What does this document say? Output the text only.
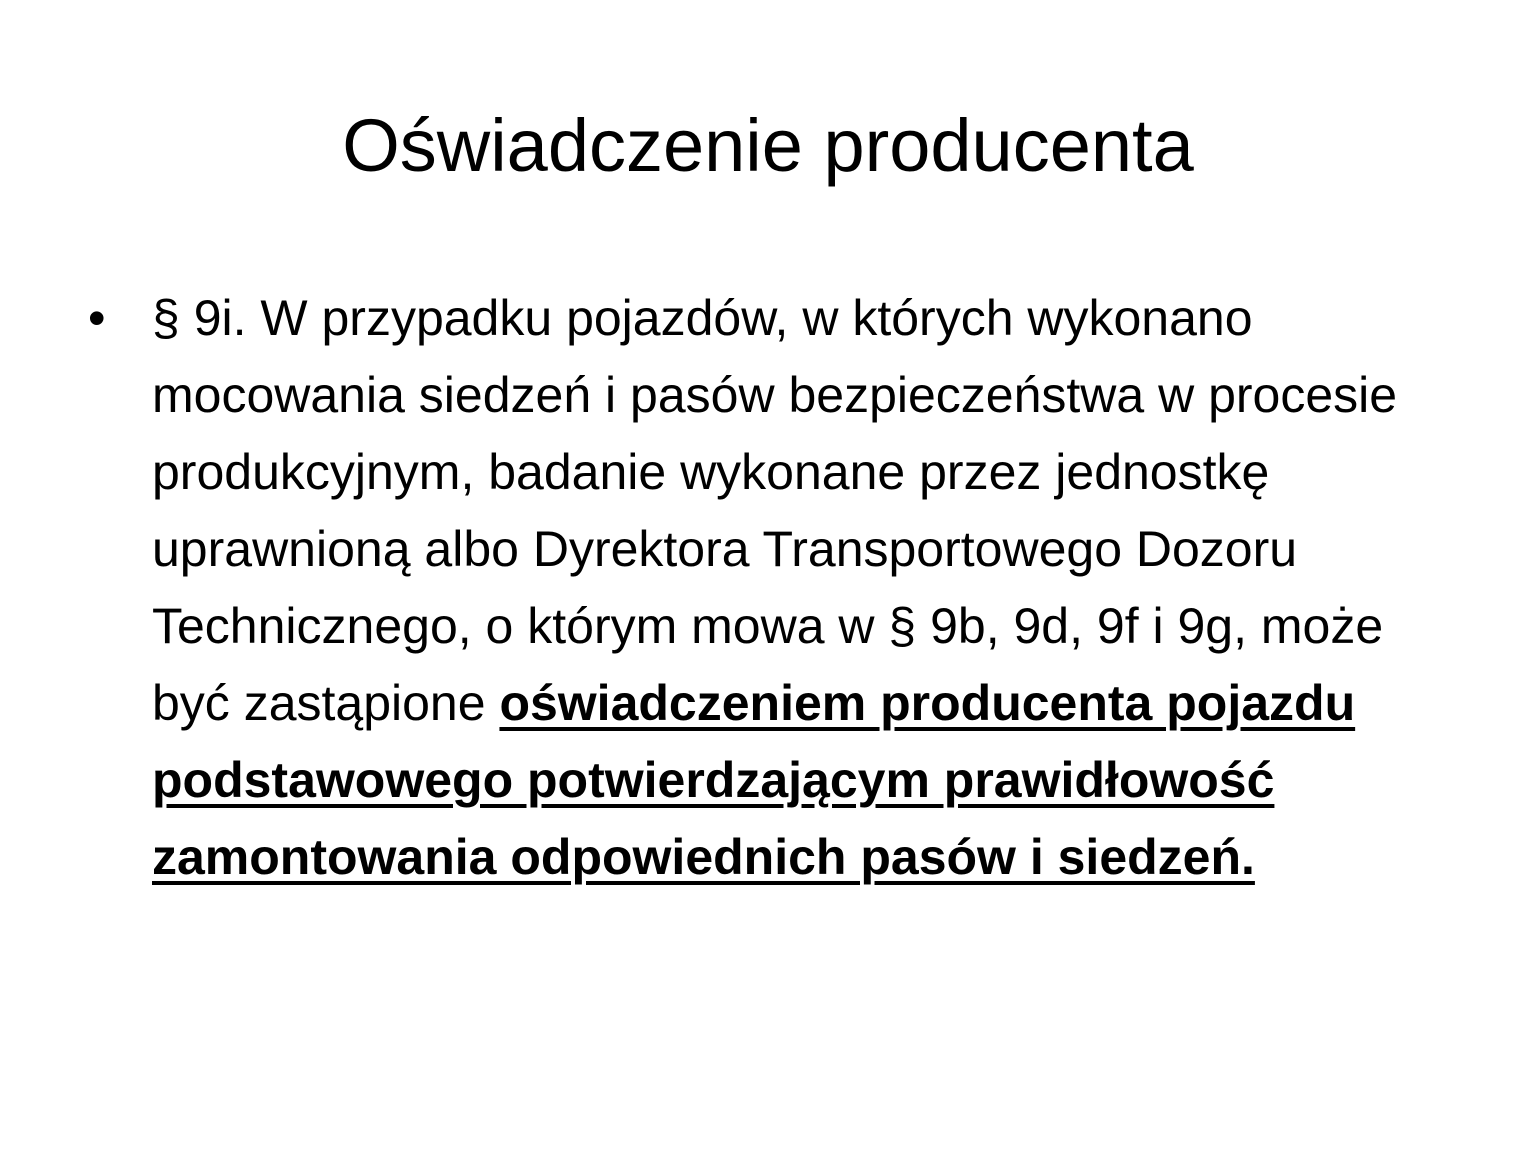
Oświadczenie producenta
• § 9i. W przypadku pojazdów, w których wykonano mocowania siedzeń i pasów bezpieczeństwa w procesie produkcyjnym, badanie wykonane przez jednostkę uprawnioną albo Dyrektora Transportowego Dozoru Technicznego, o którym mowa w § 9b, 9d, 9f i 9g, może być zastąpione oświadczeniem producenta pojazdu podstawowego potwierdzającym prawidłowość zamontowania odpowiednich pasów i siedzeń.
